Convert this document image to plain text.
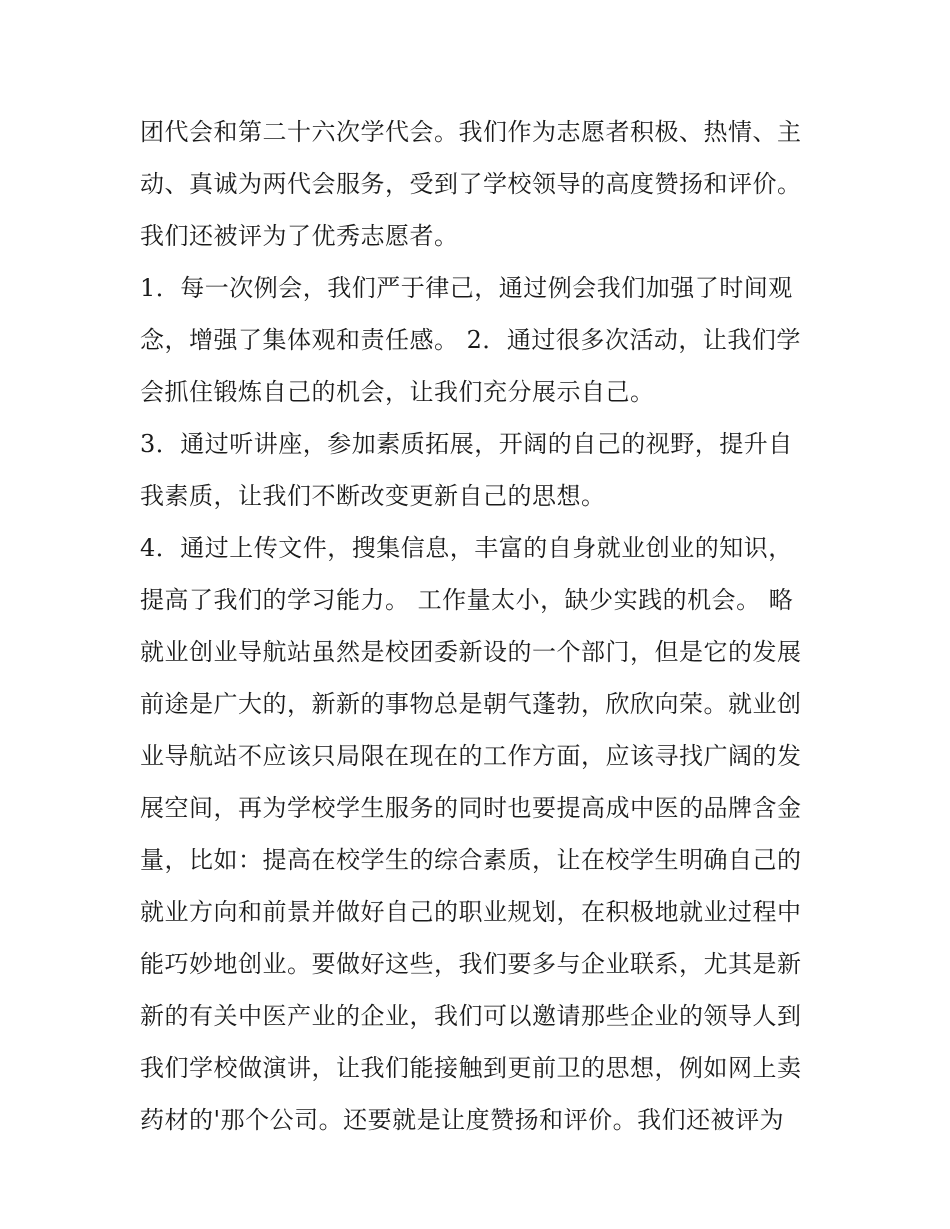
团代会和第二十六次学代会。我们作为志愿者积极、热情、主
动、真诚为两代会服务，受到了学校领导的高度赞扬和评价。
我们还被评为了优秀志愿者。
1．每一次例会，我们严于律己，通过例会我们加强了时间观
念，增强了集体观和责任感。 2．通过很多次活动，让我们学
会抓住锻炼自己的机会，让我们充分展示自己。
3．通过听讲座，参加素质拓展，开阔的自己的视野，提升自
我素质，让我们不断改变更新自己的思想。
4．通过上传文件，搜集信息，丰富的自身就业创业的知识，
提高了我们的学习能力。 工作量太小，缺少实践的机会。 略
就业创业导航站虽然是校团委新设的一个部门，但是它的发展
前途是广大的，新新的事物总是朝气蓬勃，欣欣向荣。就业创
业导航站不应该只局限在现在的工作方面，应该寻找广阔的发
展空间，再为学校学生服务的同时也要提高成中医的品牌含金
量，比如：提高在校学生的综合素质，让在校学生明确自己的
就业方向和前景并做好自己的职业规划，在积极地就业过程中
能巧妙地创业。要做好这些，我们要多与企业联系，尤其是新
新的有关中医产业的企业，我们可以邀请那些企业的领导人到
我们学校做演讲，让我们能接触到更前卫的思想，例如网上卖
药材的'那个公司。还要就是让度赞扬和评价。我们还被评为
